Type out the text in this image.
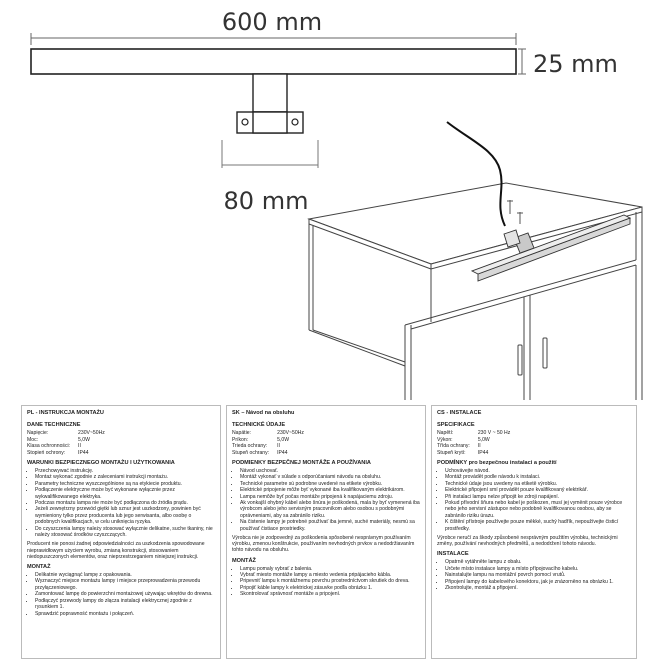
600 mm
25 mm
80 mm
PL - INSTRUKCJA MONTAŻU
DANE TECHNICZNE
Napięcie:	230V~50Hz
Moc:	5,0W
Klasa ochronności:	II
Stopień ochrony:	IP44
WARUNKI BEZPIECZNEGO MONTAŻU I UŻYTKOWANIA
• Przechowywać instrukcję.
• Montaż wykonać zgodnie z zaleceniami instrukcji montażu.
• Parametry techniczne wyszczególnione są na etykiecie produktu.
• Podłączenie elektryczne może być wykonane wyłącznie przez wykwalifikowanego elektryka.
• Podczas montażu lampa nie może być podłączona do źródła prądu.
• Jeżeli zewnętrzny przewód giętki lub sznur jest uszkodzony, powinien być wymieniony tylko przez producenta lub jego serwisanta, albo osobę o podobnych kwalifikacjach, w celu uniknięcia ryzyka.
• Do czyszczenia lampy należy stosować wyłącznie delikatne, suche tkaniny, nie należy stosować środków czyszczących.

Producent nie ponosi żadnej odpowiedzialności za uszkodzenia spowodowane nieprawidłowym użyciem wyrobu, zmianą konstrukcji, stosowaniem niedopuszczonych elementów, oraz nieprzestrzeganiem niniejszej instrukcji.

MONTAŻ
• Delikatnie wyciągnąć lampę z opakowania.
• Wyznaczyć miejsce montażu lampy i miejsce przeprowadzenia przewodu przyłączeniowego.
• Zamontować lampę do powierzchni montażowej używając wkrętów do drewna.
• Podłączyć przewody lampy do złącza instalacji elektrycznej zgodnie z rysunkiem 1.
• Sprawdzić poprawność montażu i połączeń.
SK – Návod na obsluhu
TECHNICKÉ ÚDAJE
Napätie:	230V~50Hz
Príkon:	5,0W
Trieda ochrany:	II
Stupeň ochrany:	IP44
PODMIENKY BEZPEČNEJ MONTÁŽE A POUŽÍVANIA
• Návod uschovať.
• Montáž vykonať v súlade s odporúčaniami návodu na obsluhu.
• Technické parametre sú podrobne uvedené na etikete výrobku.
• Elektrické pripojenie môže byť vykonané iba kvalifikovaným elektrikárom.
• Lampa nemôže byť počas montáže pripojená k napájaciemu zdroju.
• Ak vonkajší ohybný kábel alebo šnúra je poškodená, mala by byť vymenená iba výrobcom alebo jeho servisným pracovníkom alebo osobou s podobnými oprávneniami, aby sa zabránilo riziku.
• Na čistenie lampy je potrebné používať iba jemné, suché materiály, nesmú sa používať čistiace prostriedky.

Výrobca nie je zodpovedný za poškodenia spôsobené nesprávnym používaním výrobku, zmenou konštrukcie, používaním nevhodných prvkov a nedodržiavaním tohto návodu na obsluhu.

MONTÁŽ
• Lampu pomaly vybrať z balenia.
• Vybrať miesto montáže lampy a miesto vedenia pripájacieho kábla.
• Pripevniť lampu k montážnemu povrchu prostredníctvom skrutiek do dreva.
• Pripojiť káble lampy k elektrickej zásuvke podľa obrázku 1.
• Skontrolovať správnosť montáže a pripojení.
CS - INSTALACE
SPECIFIKACE
Napětí:	230 V ~ 50 Hz
Výkon:	5,0W
Třída ochrany:	II
Stupeň krytí:	IP44
PODMÍNKY pro bezpečnou instalaci a použití
• Uchovávejte návod.
• Montáž provádět podle návodu k instalaci.
• Technické údaje jsou uvedeny na etiketě výrobku.
• Elektrické připojení smí provádět pouze kvalifikovaný elektrikář.
• Při instalaci lampu nelze připojit ke zdroji napájení.
• Pokud přívodní šňura nebo kabel je poškozen, musí jej vyměnit pouze výrobce nebo jeho servisní zástupce nebo podobně kvalifikovanou osobou, aby se zabránilo riziku úrazu.
• K čištění přístroje používejte pouze měkké, suchý hadřík, nepoužívejte čisticí prostředky.

Výrobce neručí za škody způsobené nesprávným použitím výrobku, technickými změny, používání nevhodných předmětů, a nedodržení tohoto návodu.

INSTALACE
• Opatrně vytáhněte lampu z obalu.
• Určete místo instalace lampy a místo přípojovacího kabelu.
• Nainstalujte lampu na montážní povrch pomocí vrutů.
• Připojení lampy do kabelového konektoru, jak je znázorněno na obrázku 1.
• Zkontrolujte, montáž a připojení.
